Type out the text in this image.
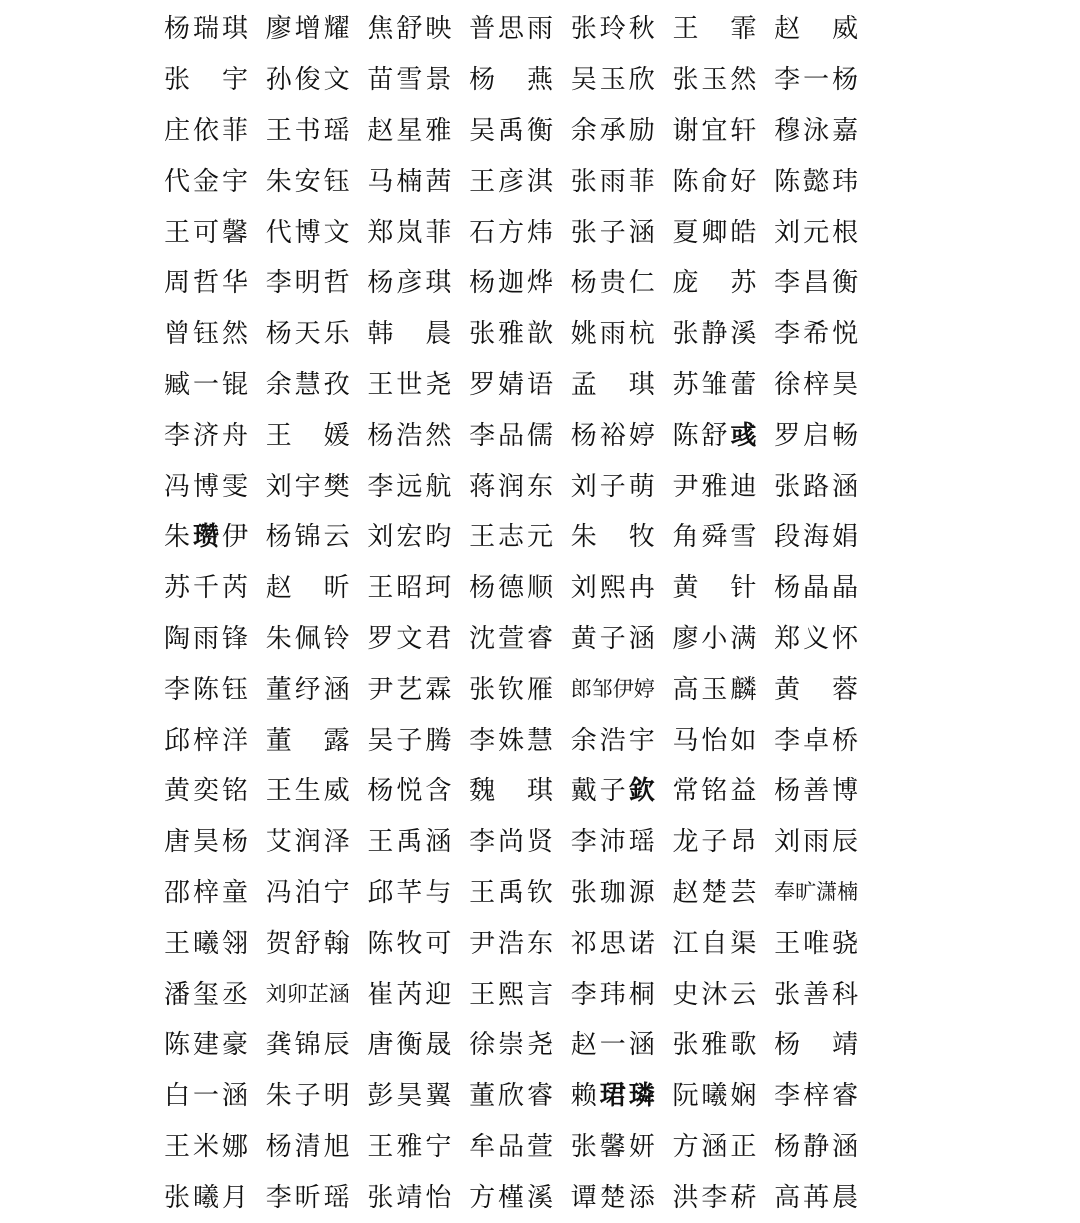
杨 瑞 琪 廖 增 耀 焦 舒 映 普 思 雨 张 玲 秋 王 霏 赵 威
张 宇 孙 俊 文 苗 雪 景 杨 燕 吴 玉 欣 张 玉 然 李 一 杨
庄 依 菲 王 书 瑶 赵 星 雅 吴 禹 衡 余 承 励 谢 宜 轩 穆 泳 嘉
代 金 宇 朱 安 钰 马 楠 茜 王 彦 淇 张 雨 菲 陈 俞 好 陈 懿 玮
王 可 馨 代 博 文 郑 岚 菲 石 方 炜 张 子 涵 夏 卿 皓 刘 元 根
周 哲 华 李 明 哲 杨 彦 琪 杨 迦 烨 杨 贵 仁 庞 苏 李 昌 衡
曾 钰 然 杨 天 乐 韩 晨 张 雅 歆 姚 雨 杭 张 静 溪 李 希 悦
臧 一 锟 余 慧 孜 王 世 尧 罗 婧 语 孟 琪 苏 雏 蕾 徐 梓 昊
李 济 舟 王 媛 杨 浩 然 李 品 儒 杨 裕 婷 陈 舒 彧 罗 启 畅
冯 博 雯 刘 宇 樊 李 远 航 蒋 润 东 刘 子 萌 尹 雅 迪 张 路 涵
朱 瓒 伊 杨 锦 云 刘 宏 昀 王 志 元 朱 牧 角 舜 雪 段 海 娟
苏 千 芮 赵 昕 王 昭 珂 杨 德 顺 刘 熙 冉 黄 针 杨 晶 晶
陶 雨 锋 朱 佩 铃 罗 文 君 沈 萱 睿 黄 子 涵 廖 小 满 郑 义 怀
李 陈 钰 董 纾 涵 尹 艺 霖 张 钦 雁 郎 邹 伊 婷 高 玉 麟 黄 蓉
邱 梓 洋 董 露 吴 子 腾 李 姝 慧 余 浩 宇 马 怡 如 李 卓 桥
黄 奕 铭 王 生 威 杨 悦 含 魏 琪 戴 子 欽 常 铭 益 杨 善 博
唐 昊 杨 艾 润 泽 王 禹 涵 李 尚 贤 李 沛 瑶 龙 子 昂 刘 雨 辰
邵 梓 童 冯 泊 宁 邱 芊 与 王 禹 钦 张 珈 源 赵 楚 芸 奉 旷 潇 楠
王 曦 翎 贺 舒 翰 陈 牧 可 尹 浩 东 祁 思 诺 江 自 渠 王 唯 骁
潘 玺 丞 刘 卯 芷 涵 崔 芮 迎 王 熙 言 李 玮 桐 史 沐 云 张 善 科
陈 建 豪 龚 锦 辰 唐 衡 晟 徐 崇 尧 赵 一 涵 张 雅 歌 杨 靖
白 一 涵 朱 子 明 彭 昊 翼 董 欣 睿 赖 珺 璘 阮 曦 娴 李 梓 睿
王 米 娜 杨 清 旭 王 雅 宁 牟 品 萱 张 馨 妍 方 涵 正 杨 静 涵
张 曦 月 李 昕 瑶 张 靖 怡 方 槿 溪 谭 楚 添 洪 李 菥 高 苒 晨
